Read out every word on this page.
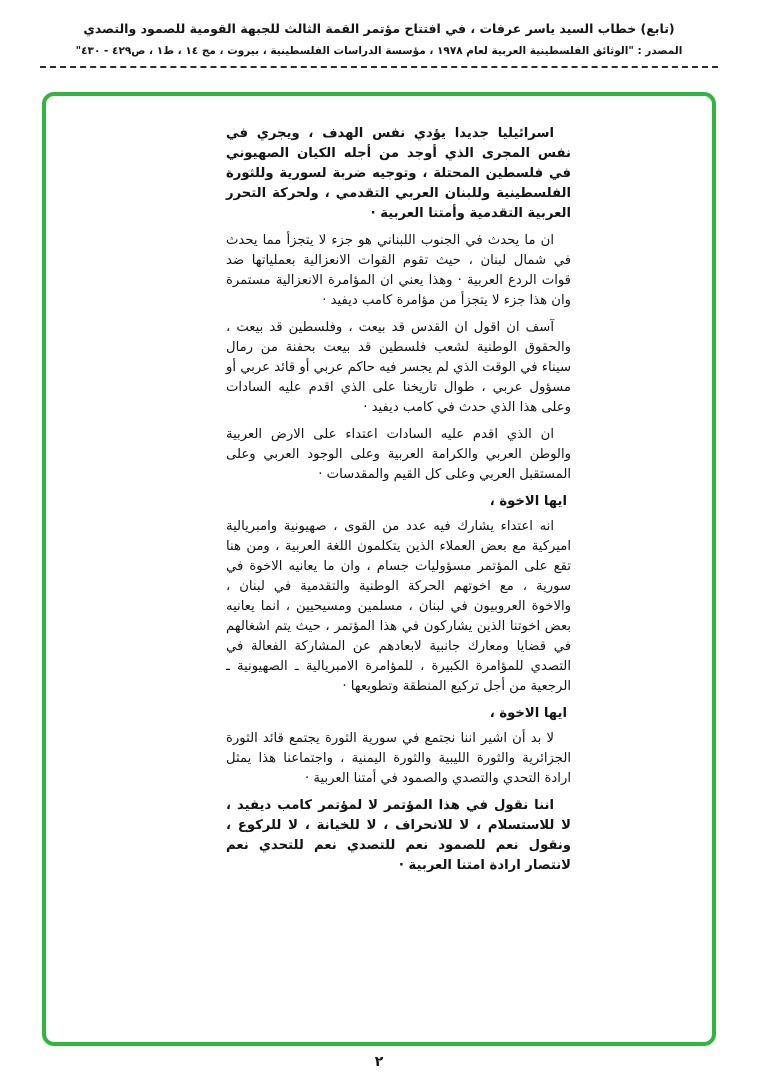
(تابع) خطاب السيد ياسر عرفات ، في افتتاح مؤتمر القمة الثالث للجبهة القومية للصمود والتصدي
المصدر : "الوثائق الفلسطينية العربية لعام ١٩٧٨ ، مؤسسة الدراسات الفلسطينية ، بيروت ، مج ١٤ ، ط١ ، ص٤٢٩ - ٤٣٠"

اسرائيليا جديدا يؤدي نفس الهدف ، ويجري في نفس المجرى الذي أوجد من أجله الكيان الصهيوني في فلسطين المحتلة ، وتوجيه ضربة لسورية وللثورة الفلسطينية وللبنان العربي التقدمي ، ولحركة التحرر العربية التقدمية وأمتنا العربية ·

ان ما يحدث في الجنوب اللبناني هو جزء لا يتجزأ مما يحدث في شمال لبنان ، حيث تقوم القوات الانعزالية بعملياتها ضد قوات الردع العربية · وهذا يعني ان المؤامرة الانعزالية مستمرة وان هذا جزء لا يتجزأ من مؤامرة كامب ديفيد ·

آسف ان اقول ان القدس قد بيعت ، وفلسطين قد بيعت ، والحقوق الوطنية لشعب فلسطين قد بيعت بحفنة من رمال سيناء في الوقت الذي لم يجسر فيه حاكم عربي أو قائد عربي أو مسؤول عربي ، طوال تاريخنا على الذي اقدم عليه السادات وعلى هذا الذي حدث في كامب ديفيد ·

ان الذي اقدم عليه السادات اعتداء على الارض العربية والوطن العربي والكرامة العربية وعلى الوجود العربي وعلى المستقبل العربي وعلى كل القيم والمقدسات ·

ايها الاخوة ،

انه اعتداء يشارك فيه عدد من القوى ، صهيونية وامبريالية اميركية مع بعض العملاء الذين يتكلمون اللغة العربية ، ومن هنا تقع على المؤتمر مسؤوليات جسام ، وان ما يعانيه الاخوة في سورية ، مع اخوتهم الحركة الوطنية والتقدمية في لبنان ، والاخوة العروبيون في لبنان ، مسلمين ومسيحيين ، انما يعانيه بعض اخوتنا الذين يشاركون في هذا المؤتمر ، حيث يتم اشغالهم في قضايا ومعارك جانبية لابعادهم عن المشاركة الفعالة في التصدي للمؤامرة الكبيرة ، للمؤامرة الامبريالية ـ الصهيونية ـ الرجعية من أجل تركيع المنطقة وتطويعها ·

ايها الاخوة ،

لا بد أن اشير اننا نجتمع في سورية الثورة يجتمع قائد الثورة الجزائرية والثورة الليبية والثورة اليمنية ، واجتماعنا هذا يمثل ارادة التحدي والتصدي والصمود في أمتنا العربية ·

اننا نقول في هذا المؤتمر لا لمؤتمر كامب ديفيد ، لا للاستسلام ، لا للانحراف ، لا للخيانة ، لا للركوع ، ونقول نعم للصمود نعم للتصدي نعم للتحدي نعم لانتصار ارادة امتنا العربية ·

٢
